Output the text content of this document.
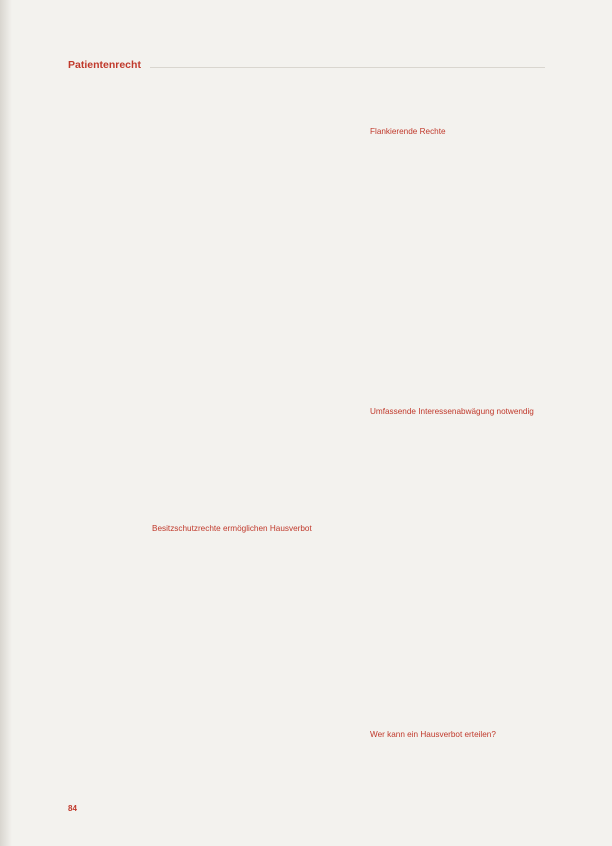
Patientenrecht
Flankierende Rechte
Besitzschutzrechte ermöglichen Hausverbot
Umfassende Interessenabwägung notwendig
Wer kann ein Hausverbot erteilen?
84
